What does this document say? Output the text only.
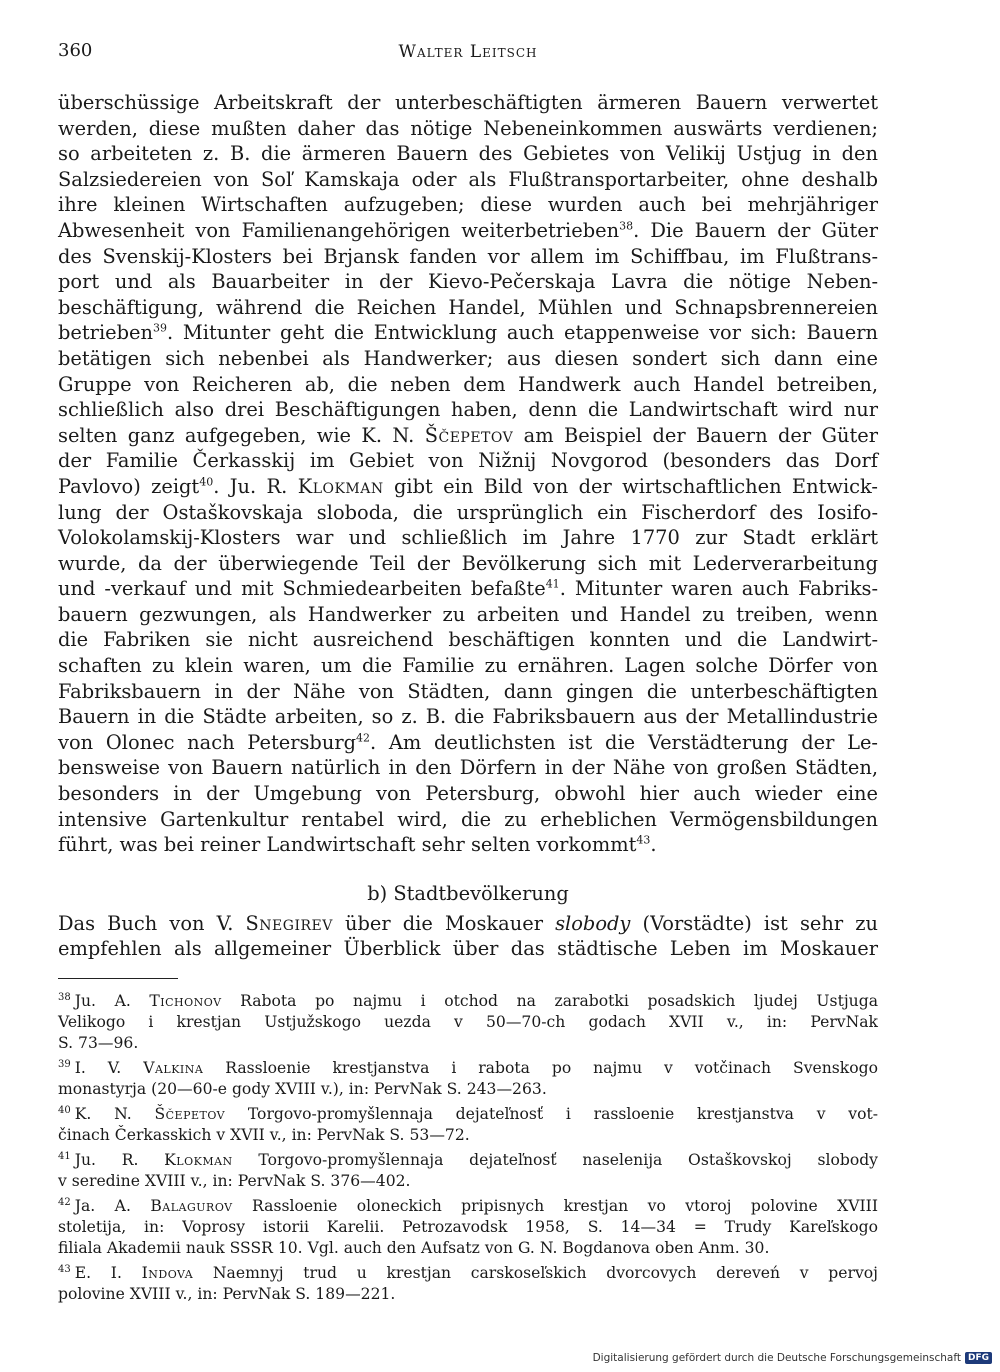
360	Walter Leitsch
überschüssige Arbeitskraft der unterbeschäftigten ärmeren Bauern verwertet
werden, diese mußten daher das nötige Nebeneinkommen auswärts verdienen;
so arbeiteten z. B. die ärmeren Bauern des Gebietes von Velikij Ustjug in den
Salzsiedereien von Soľ Kamskaja oder als Flußtransportarbeiter, ohne deshalb
ihre kleinen Wirtschaften aufzugeben; diese wurden auch bei mehrjähriger
Abwesenheit von Familienangehörigen weiterbetrieben$^{38}$. Die Bauern der Güter
des Svenskij-Klosters bei Brjansk fanden vor allem im Schiffbau, im Flußtrans-
port und als Bauarbeiter in der Kievo-Pečerskaja Lavra die nötige Neben-
beschäftigung, während die Reichen Handel, Mühlen und Schnapsbrennereien
betrieben$^{39}$. Mitunter geht die Entwicklung auch etappenweise vor sich: Bauern
betätigen sich nebenbei als Handwerker; aus diesen sondert sich dann eine
Gruppe von Reicheren ab, die neben dem Handwerk auch Handel betreiben,
schließlich also drei Beschäftigungen haben, denn die Landwirtschaft wird nur
selten ganz aufgegeben, wie K. N. Ščepetov am Beispiel der Bauern der Güter
der Familie Čerkasskij im Gebiet von Nižnij Novgorod (besonders das Dorf
Pavlovo) zeigt$^{40}$. Ju. R. Klokman gibt ein Bild von der wirtschaftlichen Entwick-
lung der Ostaškovskaja sloboda, die ursprünglich ein Fischerdorf des Iosifo-
Volokolamskij-Klosters war und schließlich im Jahre 1770 zur Stadt erklärt
wurde, da der überwiegende Teil der Bevölkerung sich mit Lederverarbeitung
und -verkauf und mit Schmiedearbeiten befaßte$^{41}$. Mitunter waren auch Fabriks-
bauern gezwungen, als Handwerker zu arbeiten und Handel zu treiben, wenn
die Fabriken sie nicht ausreichend beschäftigen konnten und die Landwirt-
schaften zu klein waren, um die Familie zu ernähren. Lagen solche Dörfer von
Fabriksbauern in der Nähe von Städten, dann gingen die unterbeschäftigten
Bauern in die Städte arbeiten, so z. B. die Fabriksbauern aus der Metallindustrie
von Olonec nach Petersburg$^{42}$. Am deutlichsten ist die Verstädterung der Le-
bensweise von Bauern natürlich in den Dörfern in der Nähe von großen Städten,
besonders in der Umgebung von Petersburg, obwohl hier auch wieder eine
intensive Gartenkultur rentabel wird, die zu erheblichen Vermögensbildungen
führt, was bei reiner Landwirtschaft sehr selten vorkommt$^{43}$.
b) Stadtbevölkerung
Das Buch von V. Snegirev über die Moskauer slobody (Vorstädte) ist sehr zu
empfehlen als allgemeiner Überblick über das städtische Leben im Moskauer
$^{38}$ Ju. A. Tichonov Rabota po najmu i otchod na zarabotki posadskich ljudej Ustjuga
Velikogo i krestjan Ustjužskogo uezda v 50—70-ch godach XVII v., in: PervNak
S. 73—96.
$^{39}$ I. V. Valkina Rassloenie krestjanstva i rabota po najmu v votčinach Svenskogo
monastyrja (20—60-e gody XVIII v.), in: PervNak S. 243—263.
$^{40}$ K. N. Ščepetov Torgovo-promyšlennaja dejateľnosť i rassloenie krestjanstva v vot-
činach Čerkasskich v XVII v., in: PervNak S. 53—72.
$^{41}$ Ju. R. Klokman Torgovo-promyšlennaja dejateľnosť naselenija Ostaškovskoj slobody
v seredine XVIII v., in: PervNak S. 376—402.
$^{42}$ Ja. A. Balagurov Rassloenie oloneckich pripisnych krestjan vo vtoroj polovine XVIII
stoletija, in: Voprosy istorii Karelii. Petrozavodsk 1958, S. 14—34 = Trudy Kareľskogo
filiala Akademii nauk SSSR 10. Vgl. auch den Aufsatz von G. N. Bogdanova oben Anm. 30.
$^{43}$ E. I. Indova Naemnyj trud u krestjan carskoseľskich dvorcovych dereveń v pervoj
polovine XVIII v., in: PervNak S. 189—221.
Digitalisierung gefördert durch die Deutsche Forschungsgemeinschaft DFG
